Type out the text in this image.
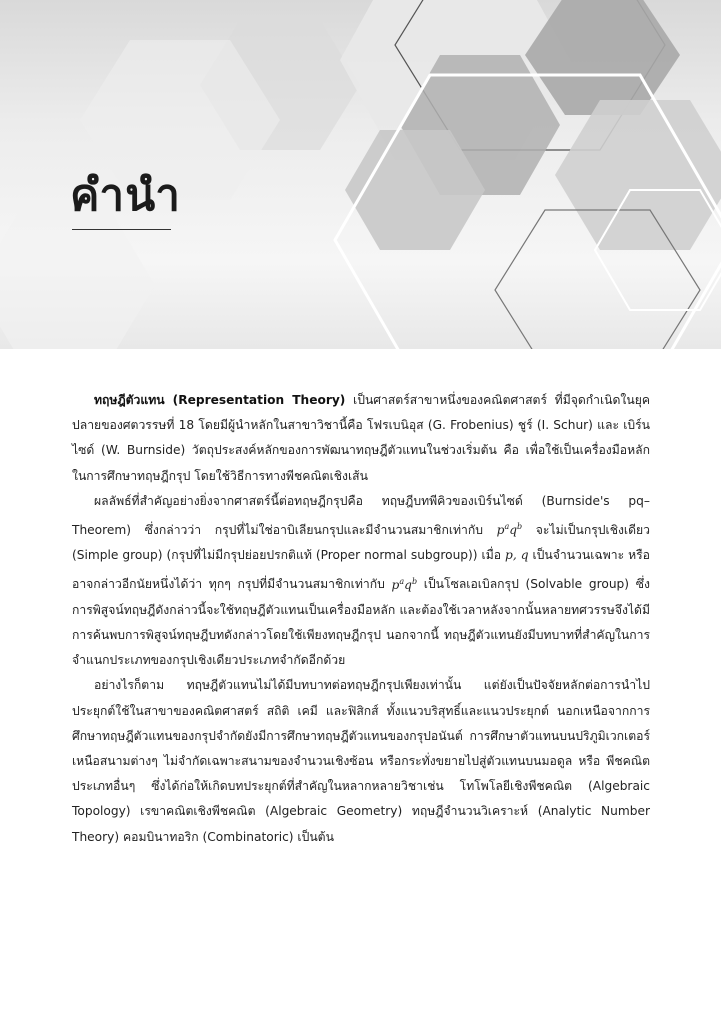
คำนำ

ทฤษฎีตัวแทน (Representation Theory) เป็นศาสตร์สาขาหนึ่งของคณิตศาสตร์ ที่มีจุดกำเนิดในยุคปลายของศตวรรษที่ 18 โดยมีผู้นำหลักในสาขาวิชานี้คือ โฟรเบนิอุส (G. Frobenius) ชูร์ (I. Schur) และ เบิร์นไซด์ (W. Burnside) วัตถุประสงค์หลักของการพัฒนาทฤษฎีตัวแทนในช่วงเริ่มต้น คือ เพื่อใช้เป็นเครื่องมือหลักในการศึกษาทฤษฎีกรุป โดยใช้วิธีการทางพีชคณิตเชิงเส้น

ผลลัพธ์ที่สำคัญอย่างยิ่งจากศาสตร์นี้ต่อทฤษฎีกรุปคือ ทฤษฎีบทพีคิวของเบิร์นไซด์ (Burnside's pq–Theorem) ซึ่งกล่าวว่า กรุปที่ไม่ใช่อาบิเลียนกรุปและมีจำนวนสมาชิกเท่ากับ $p^aq^b$ จะไม่เป็นกรุปเชิงเดียว (Simple group) (กรุปที่ไม่มีกรุปย่อยปรกติแท้ (Proper normal subgroup)) เมื่อ p, q เป็นจำนวนเฉพาะ หรืออาจกล่าวอีกนัยหนึ่งได้ว่า ทุกๆ กรุปที่มีจำนวนสมาชิกเท่ากับ $p^aq^b$ เป็นโซลเอเบิลกรุป (Solvable group) ซึ่งการพิสูจน์ทฤษฎีดังกล่าวนี้จะใช้ทฤษฎีตัวแทนเป็นเครื่องมือหลัก และต้องใช้เวลาหลังจากนั้นหลายทศวรรษจึงได้มีการค้นพบการพิสูจน์ทฤษฎีบทดังกล่าวโดยใช้เพียงทฤษฎีกรุป นอกจากนี้ ทฤษฎีตัวแทนยังมีบทบาทที่สำคัญในการจำแนกประเภทของกรุปเชิงเดียวประเภทจำกัดอีกด้วย

อย่างไรก็ตาม ทฤษฎีตัวแทนไม่ได้มีบทบาทต่อทฤษฎีกรุปเพียงเท่านั้น แต่ยังเป็นปัจจัยหลักต่อการนำไปประยุกต์ใช้ในสาขาของคณิตศาสตร์ สถิติ เคมี และฟิสิกส์ ทั้งแนวบริสุทธิ์และแนวประยุกต์ นอกเหนือจากการศึกษาทฤษฎีตัวแทนของกรุปจำกัดยังมีการศึกษาทฤษฎีตัวแทนของกรุปอนันต์ การศึกษาตัวแทนบนปริภูมิเวกเตอร์เหนือสนามต่างๆ ไม่จำกัดเฉพาะสนามของจำนวนเชิงซ้อน หรือกระทั่งขยายไปสู่ตัวแทนบนมอดูล หรือ พีชคณิตประเภทอื่นๆ ซึ่งได้ก่อให้เกิดบทประยุกต์ที่สำคัญในหลากหลายวิชาเช่น โทโพโลยีเชิงพีชคณิต (Algebraic Topology) เรขาคณิตเชิงพีชคณิต (Algebraic Geometry) ทฤษฎีจำนวนวิเคราะห์ (Analytic Number Theory) คอมบินาทอริก (Combinatoric) เป็นต้น
